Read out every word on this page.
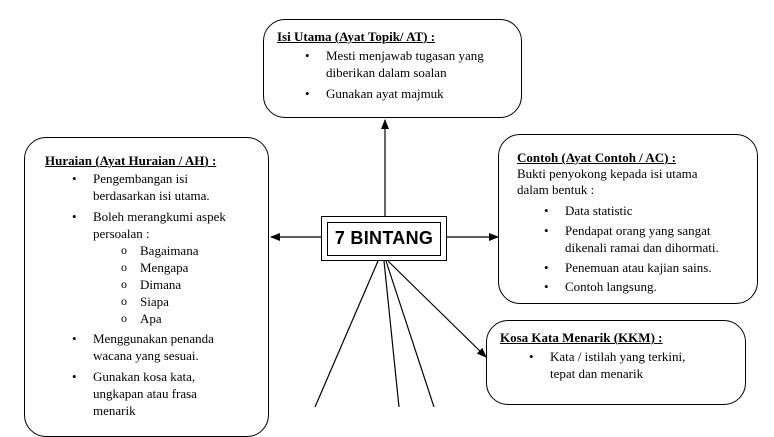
Isi Utama (Ayat Topik/ AT) :
• Mesti menjawab tugasan yang
diberikan dalam soalan
• Gunakan ayat majmuk
Huraian (Ayat Huraian / AH) :
• Pengembangan isi
berdasarkan isi utama.
• Boleh merangkumi aspek
persoalan :
o Bagaimana
o Mengapa
o Dimana
o Siapa
o Apa
• Menggunakan penanda
wacana yang sesuai.
• Gunakan kosa kata,
ungkapan atau frasa
menarik
Contoh (Ayat Contoh / AC) :
Bukti penyokong kepada isi utama
dalam bentuk :
• Data statistic
• Pendapat orang yang sangat
dikenali ramai dan dihormati.
• Penemuan atau kajian sains.
• Contoh langsung.
Kosa Kata Menarik (KKM) :
• Kata / istilah yang terkini,
tepat dan menarik
7 BINTANG
